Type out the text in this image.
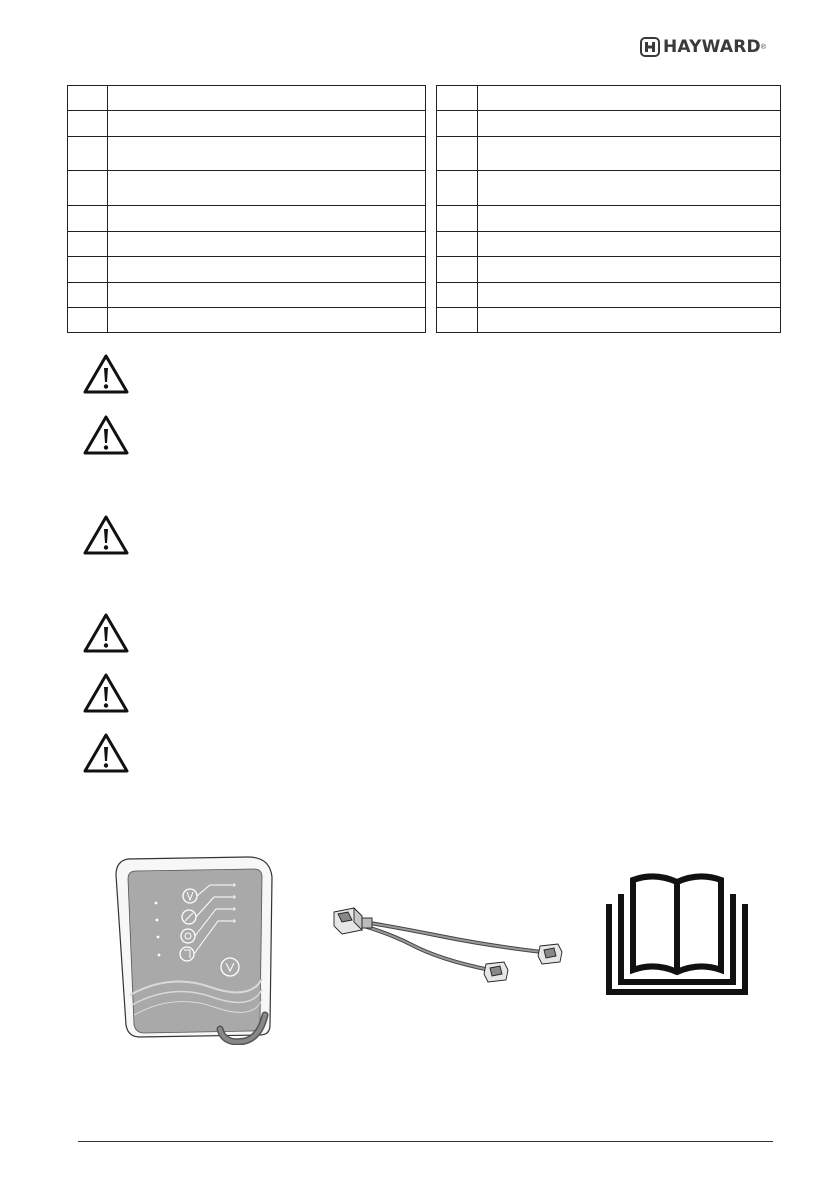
HAYWARD ®
